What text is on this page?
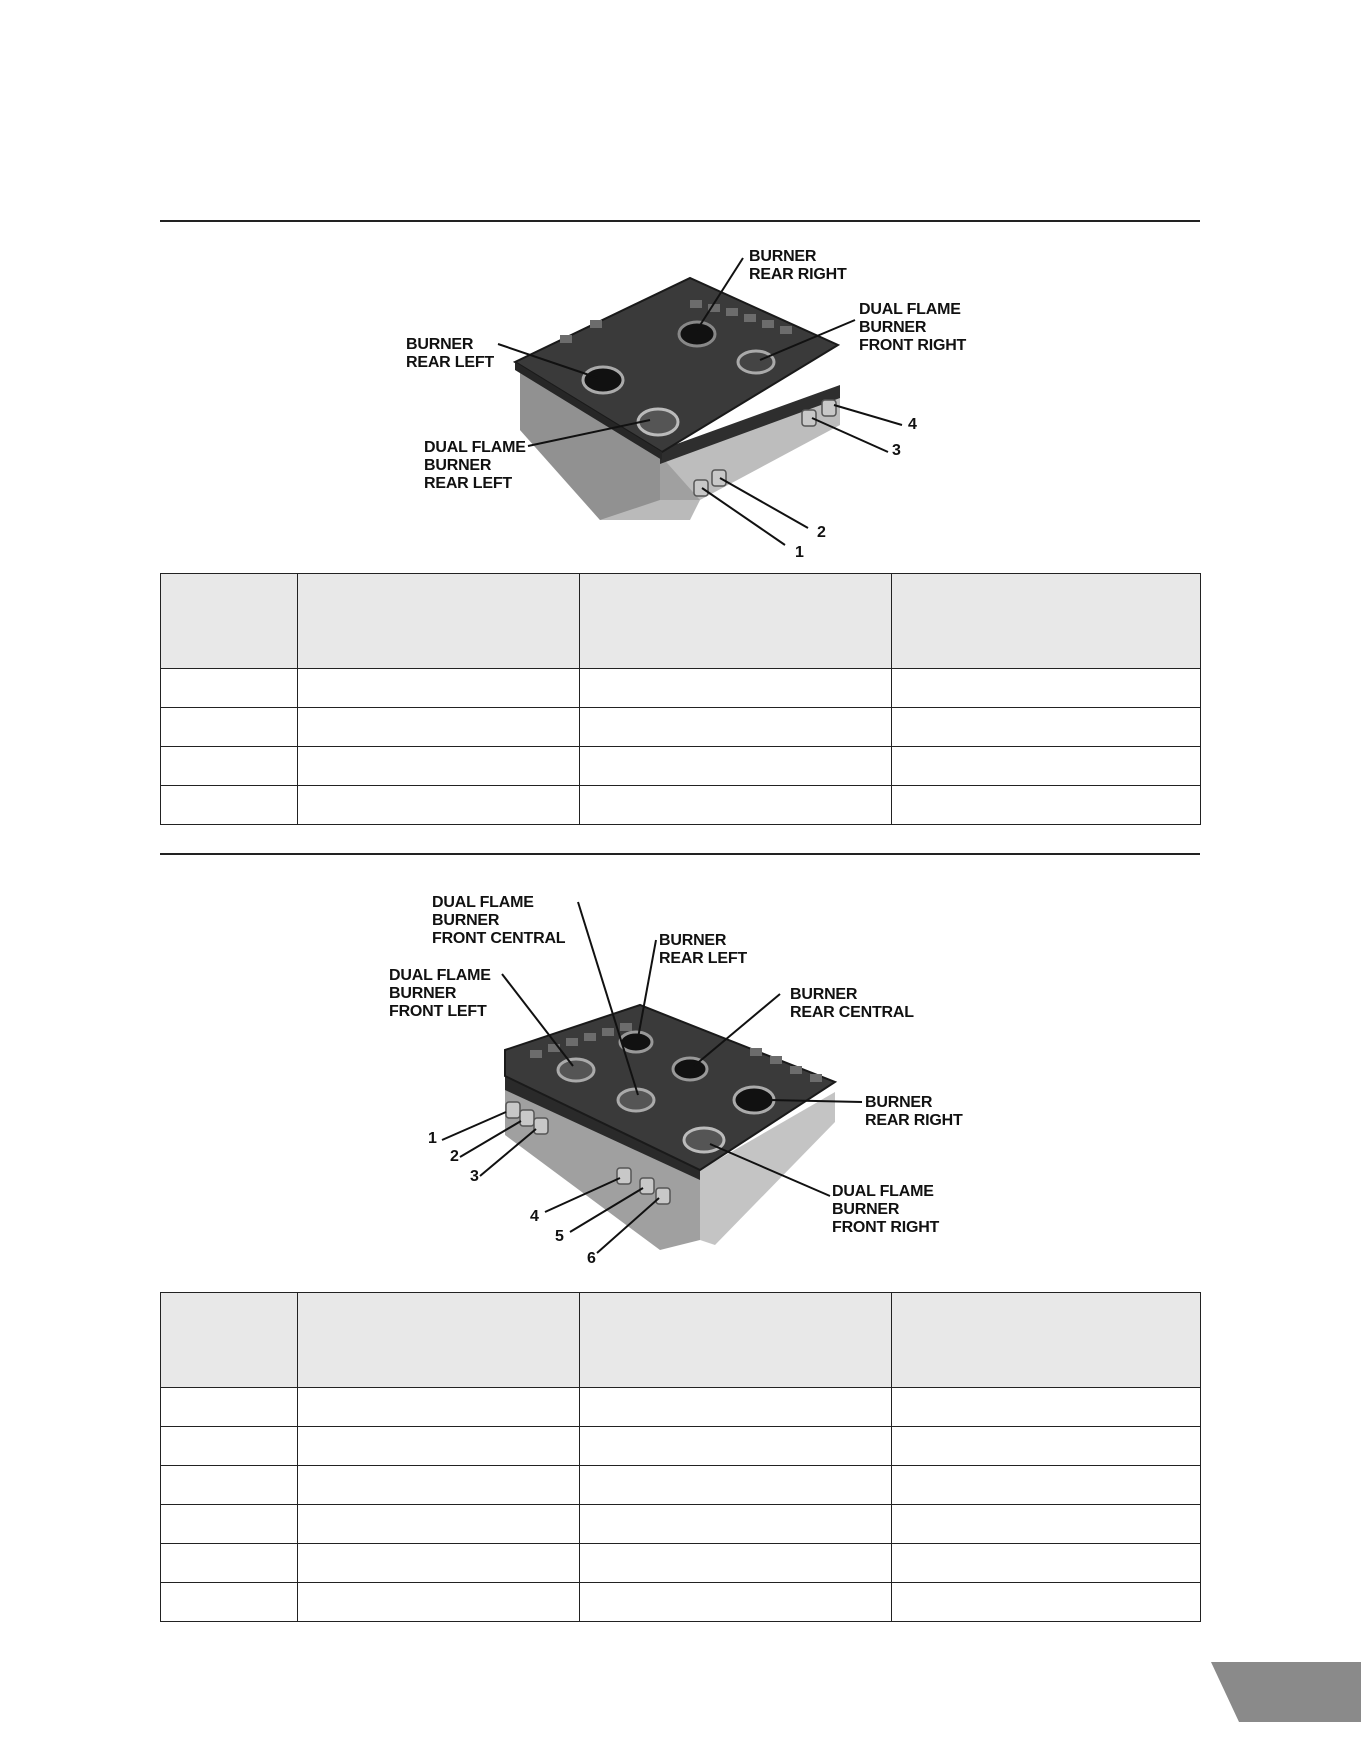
BURNER
REAR RIGHT
DUAL FLAME
BURNER
FRONT RIGHT
BURNER
REAR LEFT
DUAL FLAME
BURNER
REAR LEFT
1
2
3
4

DUAL FLAME
BURNER
FRONT CENTRAL	BURNER
REAR LEFT
DUAL FLAME
BURNER
FRONT LEFT
BURNER
REAR CENTRAL
BURNER
REAR RIGHT
DUAL FLAME
BURNER
FRONT RIGHT
1
2
3
4
5
6
